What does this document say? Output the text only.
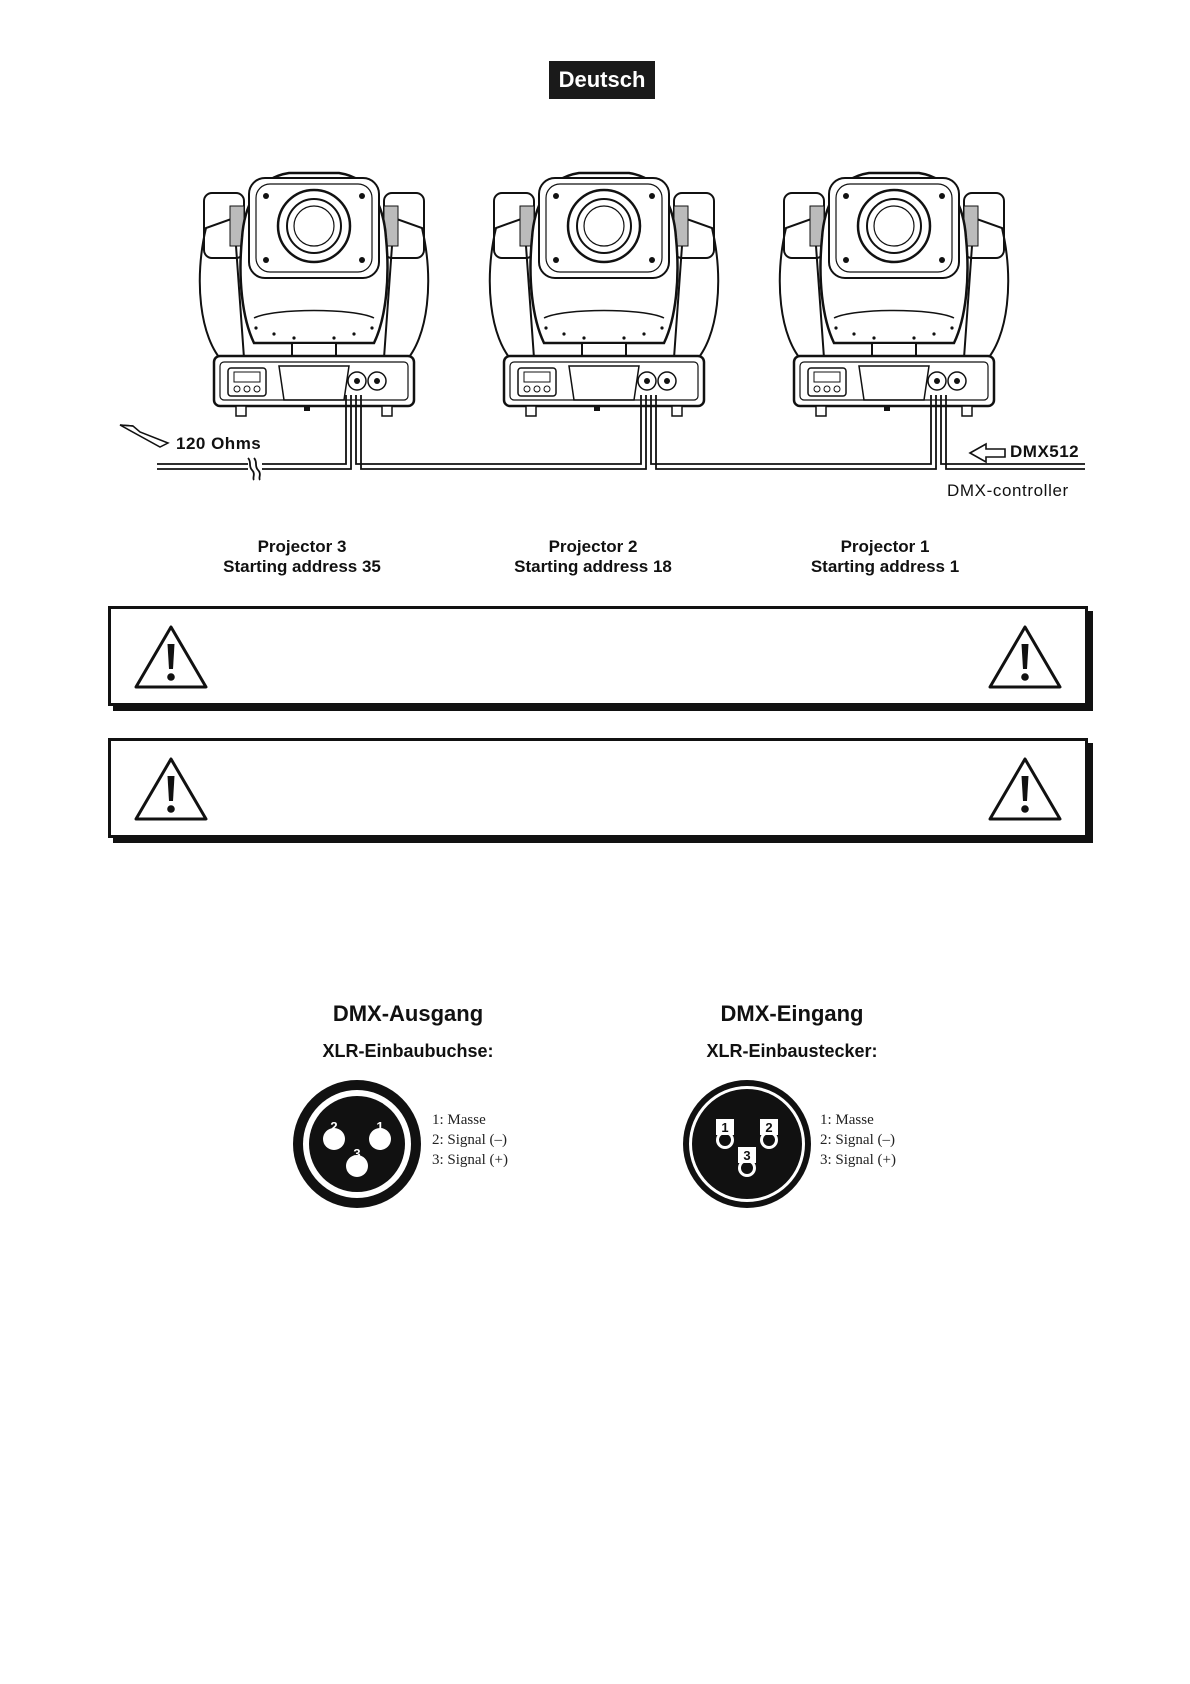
Deutsch
120 Ohms	DMX512
DMX-controller
Projector 3
Starting address 35
Projector 2
Starting address 18
Projector 1
Starting address 1
DMX-Ausgang
XLR-Einbaubuchse:
2	1
3
1: Masse
2: Signal (–)
3: Signal (+)
DMX-Eingang
XLR-Einbaustecker:
1	2
3
1: Masse
2: Signal (–)
3: Signal (+)
